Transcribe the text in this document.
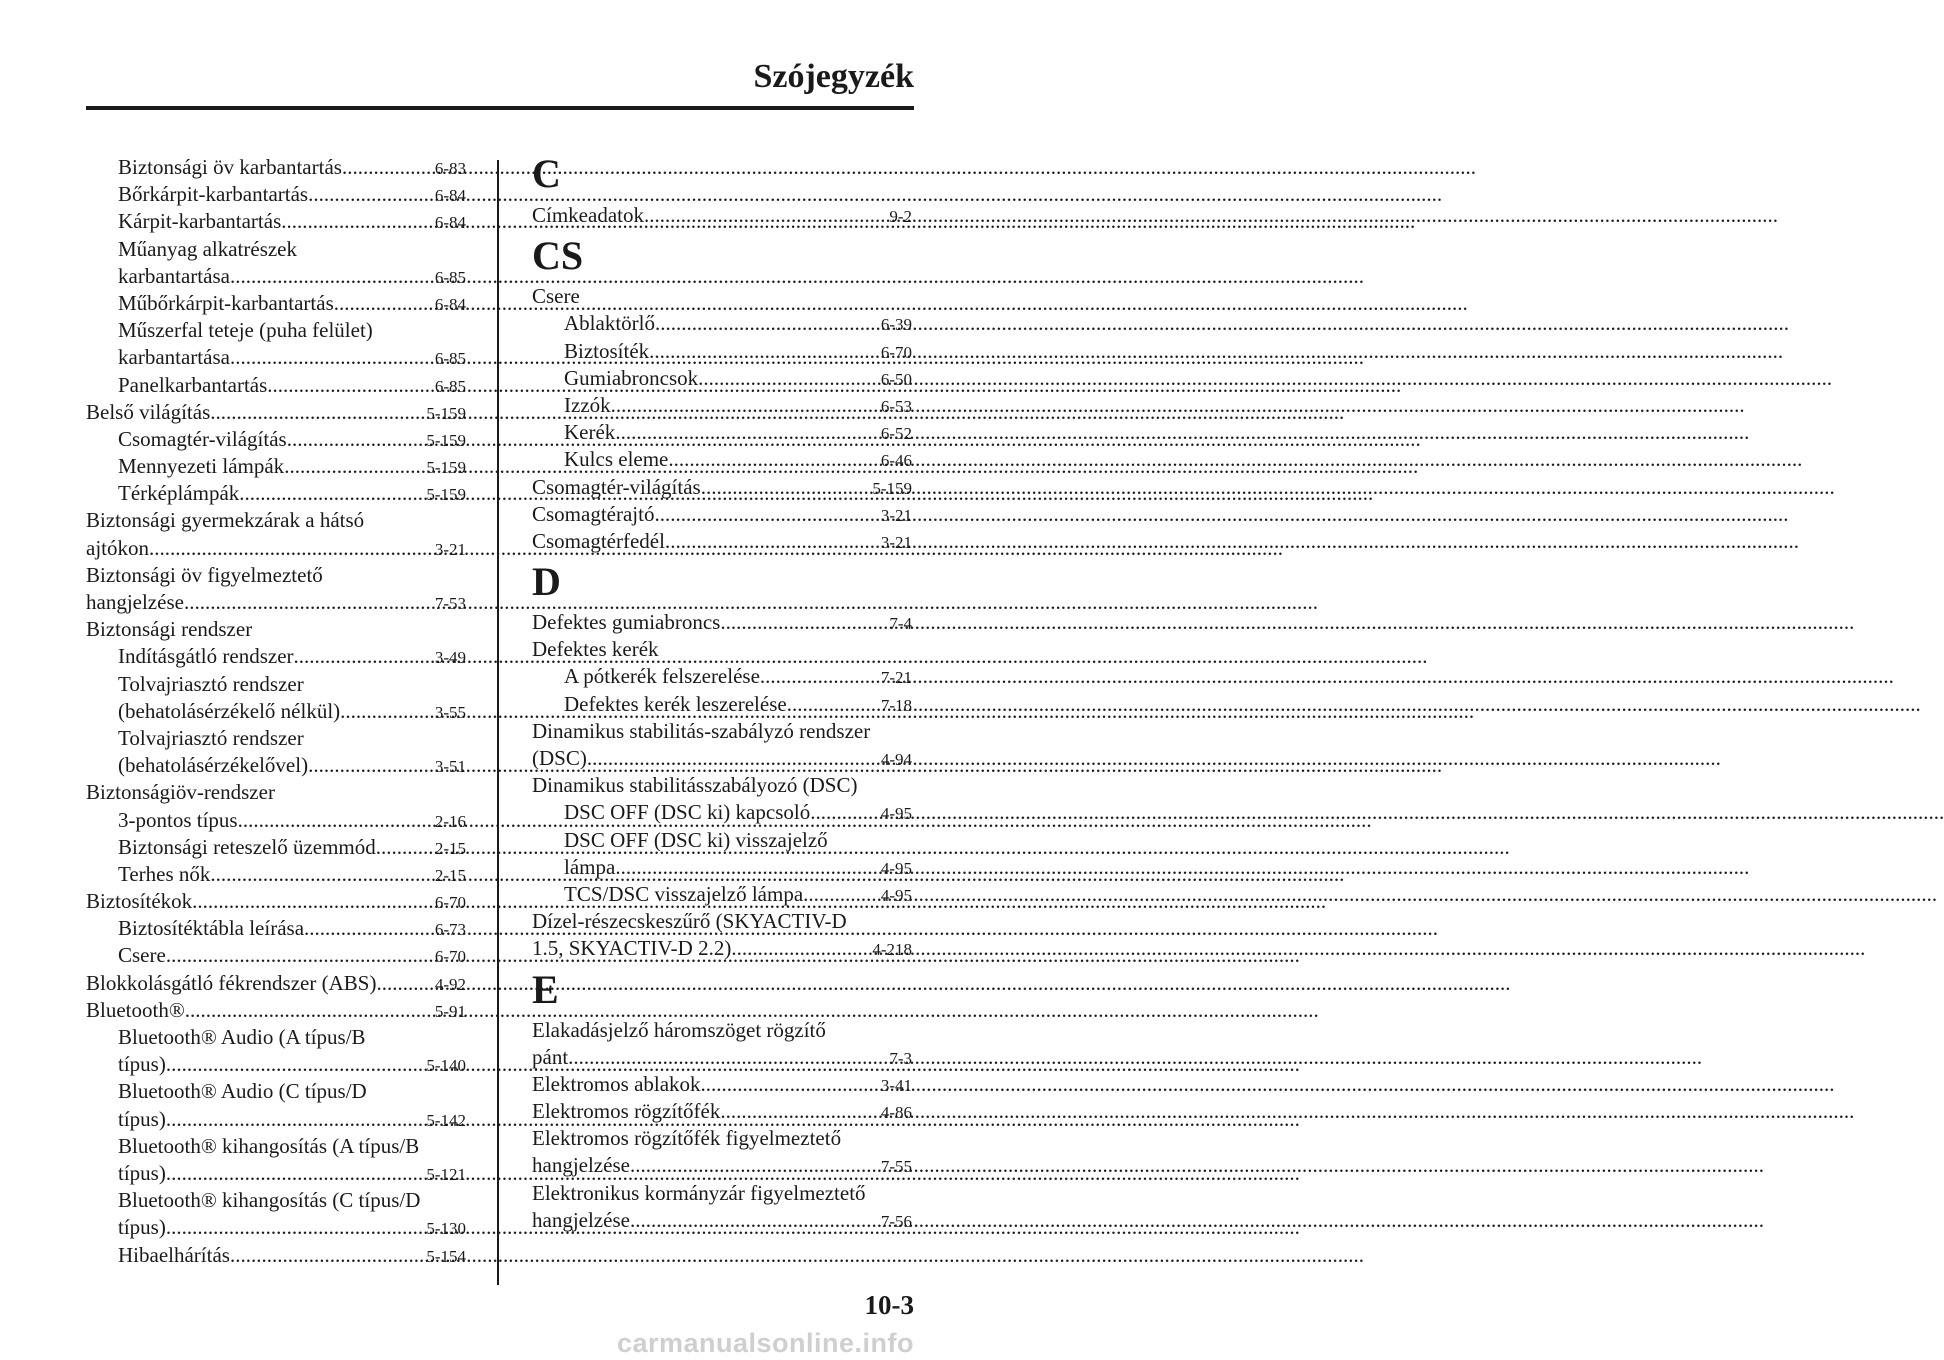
Szójegyzék
Biztonsági öv karbantartás .....	6-83
Bőrkárpit-karbantartás .....	6-84
Kárpit-karbantartás .....	6-84
Műanyag alkatrészek
karbantartása .....	6-85
Műbőrkárpit-karbantartás .....	6-84
Műszerfal teteje (puha felület)
karbantartása .....	6-85
Panelkarbantartás .....	6-85
Belső világítás .....	5-159
Csomagtér-világítás .....	5-159
Mennyezeti lámpák .....	5-159
Térképlámpák .....	5-159
Biztonsági gyermekzárak a hátsó
ajtókon .....	3-21
Biztonsági öv figyelmeztető
hangjelzése .....	7-53
Biztonsági rendszer
Indításgátló rendszer .....	3-49
Tolvajriasztó rendszer
(behatolásérzékelő nélkül) .....	3-55
Tolvajriasztó rendszer
(behatolásérzékelővel) .....	3-51
Biztonságiöv-rendszer
3-pontos típus .....	2-16
Biztonsági reteszelő üzemmód .....	2-15
Terhes nők .....	2-15
Biztosítékok .....	6-70
Biztosítéktábla leírása .....	6-73
Csere .....	6-70
Blokkolásgátló fékrendszer (ABS) .....	4-92
Bluetooth® .....	5-91
Bluetooth® Audio (A típus/B
típus) .....	5-140
Bluetooth® Audio (C típus/D
típus) .....	5-142
Bluetooth® kihangosítás (A típus/B
típus) .....	5-121
Bluetooth® kihangosítás (C típus/D
típus) .....	5-130
Hibaelhárítás .....	5-154
C
Címkeadatok .....	9-2
CS
Csere
Ablaktörlő .....	6-39
Biztosíték .....	6-70
Gumiabroncsok .....	6-50
Izzók .....	6-53
Kerék .....	6-52
Kulcs eleme .....	6-46
Csomagtér-világítás .....	5-159
Csomagtérajtó .....	3-21
Csomagtérfedél .....	3-21
D
Defektes gumiabroncs .....	7-4
Defektes kerék
A pótkerék felszerelése .....	7-21
Defektes kerék leszerelése .....	7-18
Dinamikus stabilitás-szabályzó rendszer
(DSC) .....	4-94
Dinamikus stabilitásszabályozó (DSC)
DSC OFF (DSC ki) kapcsoló .....	4-95
DSC OFF (DSC ki) visszajelző
lámpa .....	4-95
TCS/DSC visszajelző lámpa .....	4-95
Dízel-részecskeszűrő (SKYACTIV-D
1.5, SKYACTIV-D 2.2) .....	4-218
E
Elakadásjelző háromszöget rögzítő
pánt .....	7-3
Elektromos ablakok .....	3-41
Elektromos rögzítőfék .....	4-86
Elektromos rögzítőfék figyelmeztető
hangjelzése .....	7-55
Elektronikus kormányzár figyelmeztető
hangjelzése .....	7-56
10-3
carmanualsonline.info
